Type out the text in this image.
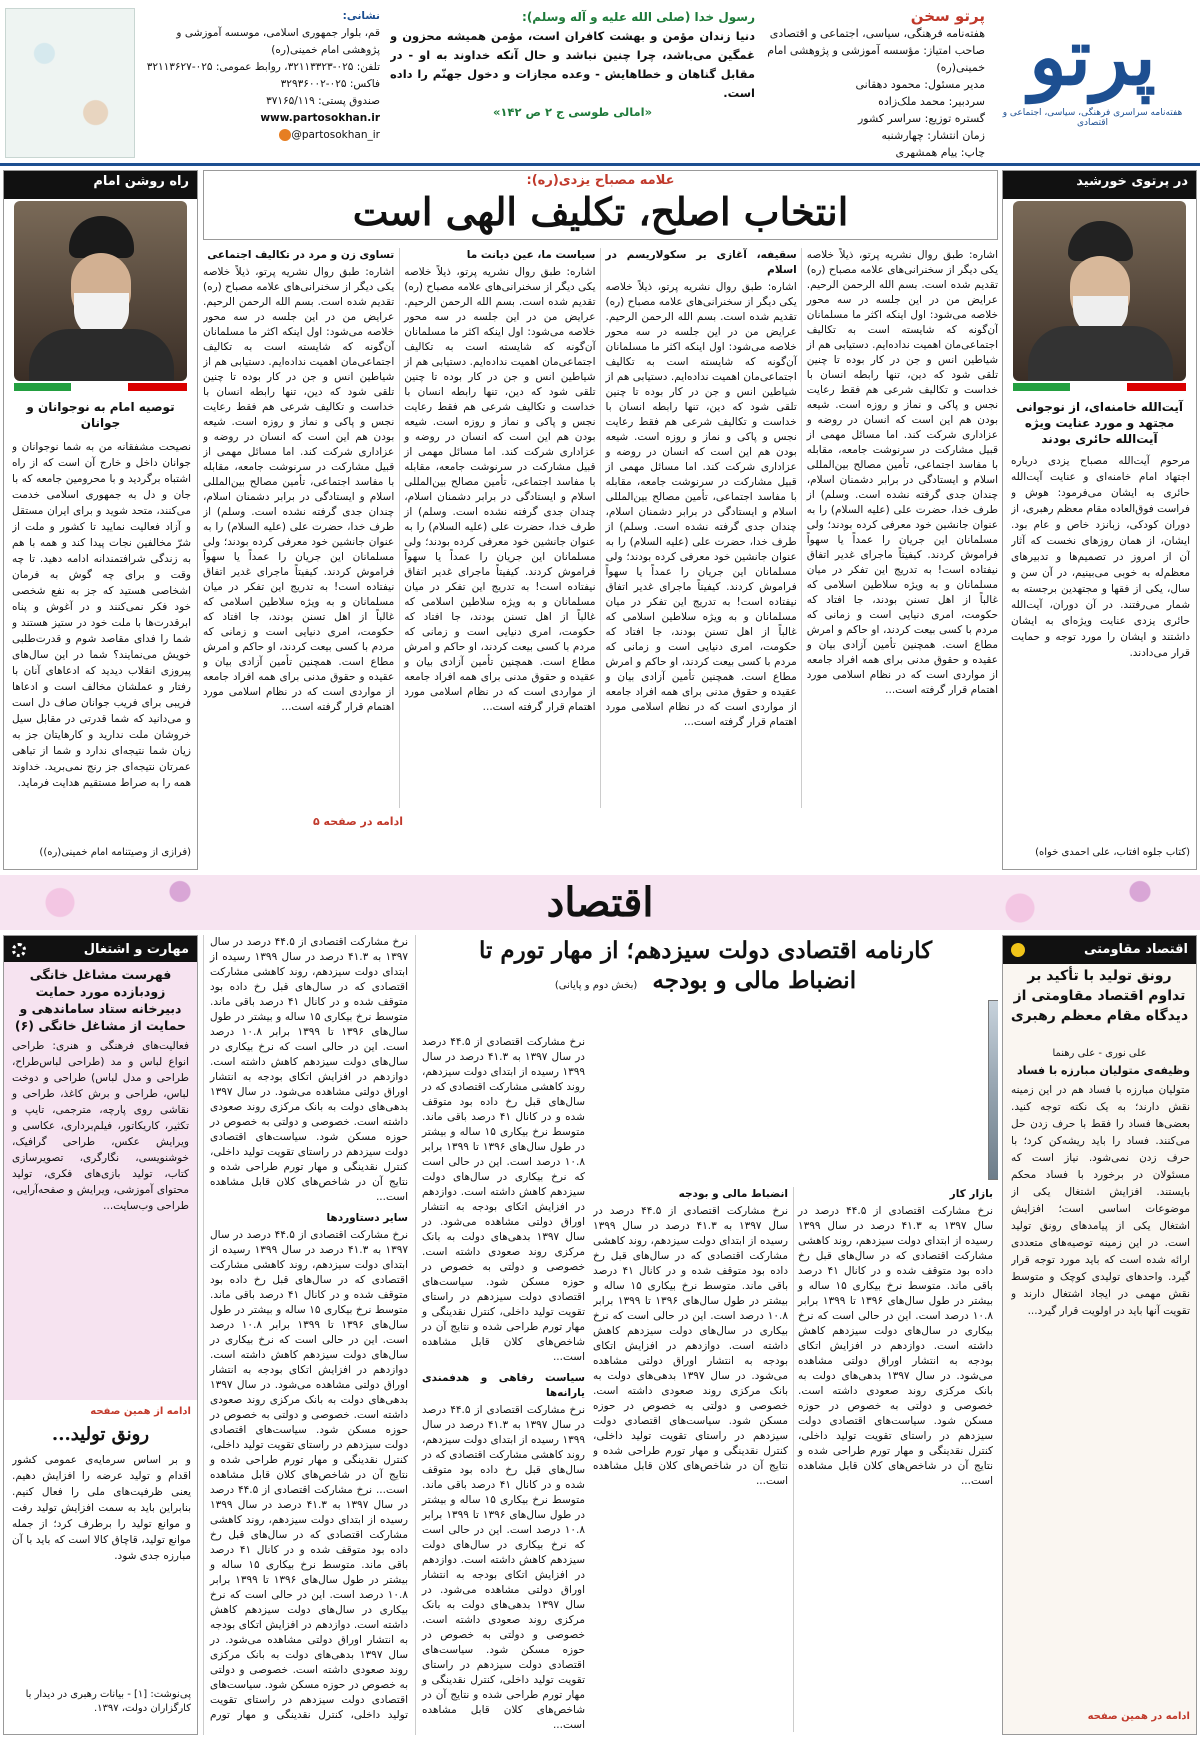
پرتو
هفته‌نامه سراسری فرهنگی، سیاسی، اجتماعی و اقتصادی
پرتو سخن
هفته‌نامه فرهنگی، سیاسی، اجتماعی و اقتصادی
صاحب امتیاز: مؤسسه آموزشی و پژوهشی امام خمینی(ره)
مدیر مسئول: محمود دهقانی
سردبیر: محمد ملک‌زاده
گستره توزیع: سراسر کشور
زمان انتشار: چهارشنبه
چاپ: پیام همشهری
رسول خدا (صلی الله علیه و آله وسلم):
دنیا زندان مؤمن و بهشت کافران است، مؤمن همیشه محزون و غمگین می‌باشد، چرا چنین نباشد و حال آنکه خداوند به او - در مقابل گناهان و خطاهایش - وعده مجازات و دخول جهنّم را داده است.
«امالی طوسی ج ۲ ص ۱۴۲»
نشانی:
قم، بلوار جمهوری اسلامی، موسسه آموزشی و پژوهشی امام خمینی(ره)
تلفن: ۰۲۵-۳۲۱۱۳۳۲۳، روابط عمومی: ۰۲۵-۳۲۱۱۳۶۲۷
فاکس: ۰۲۵-۳۲۹۳۶۰۰۲
صندوق پستی: ۳۷۱۶۵/۱۱۹
www.partosokhan.ir
@partosokhan_ir
در پرتوی خورشید
آیت‌الله خامنه‌ای، از نوجوانی مجتهد و مورد عنایت ویژه آیت‌الله حائری بودند
مرحوم آیت‌الله مصباح یزدی درباره اجتهاد امام خامنه‌ای و عنایت آیت‌الله حائری به ایشان می‌فرمود: هوش و فراست فوق‌العاده مقام معظم رهبری، از دوران کودکی، زبانزد خاص و عام بود. ایشان، از همان روزهای نخست که آثار آن از امروز در تصمیم‌ها و تدبیرهای معظم‌له به خوبی می‌بینیم، در آن سن و سال، یکی از فقها و مجتهدین برجسته به شمار می‌رفتند. در آن دوران، آیت‌الله حائری یزدی عنایت ویژه‌ای به ایشان داشتند و ایشان را مورد توجه و حمایت قرار می‌دادند.
(کتاب جلوه آفتاب، علی احمدی خواه)
راه روشن امام
توصیه امام به نوجوانان و جوانان
نصیحت مشفقانه من به شما نوجوانان و جوانان داخل و خارج آن است که از راه اشتباه برگردید و با محرومین جامعه که با جان و دل به جمهوری اسلامی خدمت می‌کنند، متحد شوید و برای ایران مستقل و آزاد فعالیت نمایید تا کشور و ملت از شرّ مخالفین نجات پیدا کند و همه با هم به زندگی شرافتمندانه ادامه دهید. تا چه وقت و برای چه گوش به فرمان اشخاصی هستید که جز به نفع شخصی خود فکر نمی‌کنند و در آغوش و پناه ابرقدرت‌ها با ملت خود در ستیز هستند و شما را فدای مقاصد شوم و قدرت‌طلبی خویش می‌نمایند؟ شما در این سال‌های پیروزی انقلاب دیدید که ادعاهای آنان با رفتار و عملشان مخالف است و ادعاها فریبی برای فریب جوانان صاف دل است و می‌دانید که شما قدرتی در مقابل سیل خروشان ملت ندارید و کارهایتان جز به زیان شما نتیجه‌ای ندارد و شما از تباهی عمرتان نتیجه‌ای جز رنج نمی‌برید. خداوند همه را به صراط مستقیم هدایت فرماید.
(فرازی از وصیتنامه امام خمینی(ره))
علامه مصباح یزدی(ره):
انتخاب اصلح، تکلیف الهی است
اشاره: طبق روال نشریه پرتو، ذیلاً خلاصه یکی دیگر از سخنرانی‌های علامه مصباح (ره) تقدیم شده است. بسم الله الرحمن الرحیم. عرایض من در این جلسه در سه محور خلاصه می‌شود: اول اینکه اکثر ما مسلمانان آن‌گونه که شایسته است به تکالیف اجتماعی‌مان اهمیت نداده‌ایم. دستیابی هم از شیاطین انس و جن در کار بوده تا چنین تلقی شود که دین، تنها رابطه انسان با خداست و تکالیف شرعی هم فقط رعایت نجس و پاکی و نماز و روزه است. شیعه بودن هم این است که انسان در روضه و عزاداری شرکت کند. اما مسائل مهمی از قبیل مشارکت در سرنوشت جامعه، مقابله با مفاسد اجتماعی، تأمین مصالح بین‌المللی اسلام و ایستادگی در برابر دشمنان اسلام، چندان جدی گرفته نشده است. وسلم) از طرف خدا، حضرت علی (علیه السلام) را به عنوان جانشین خود معرفی کرده بودند؛ ولی مسلمانان این جریان را عمداً یا سهواً فراموش کردند. کیفیتاً ماجرای غدیر اتفاق نیفتاده است! به تدریج این تفکر در میان مسلمانان و به ویژه سلاطین اسلامی که غالباً از اهل تسنن بودند، جا افتاد که حکومت، امری دنیایی است و زمانی که مردم با کسی بیعت کردند، او حاکم و امرش مطاع است. همچنین تأمین آزادی بیان و عقیده و حقوق مدنی برای همه افراد جامعه از مواردی است که در نظام اسلامی مورد اهتمام قرار گرفته است...
سقیفه، آغازی بر سکولاریسم در اسلام
اشاره: طبق روال نشریه پرتو، ذیلاً خلاصه یکی دیگر از سخنرانی‌های علامه مصباح (ره) تقدیم شده است. بسم الله الرحمن الرحیم. عرایض من در این جلسه در سه محور خلاصه می‌شود: اول اینکه اکثر ما مسلمانان آن‌گونه که شایسته است به تکالیف اجتماعی‌مان اهمیت نداده‌ایم. دستیابی هم از شیاطین انس و جن در کار بوده تا چنین تلقی شود که دین، تنها رابطه انسان با خداست و تکالیف شرعی هم فقط رعایت نجس و پاکی و نماز و روزه است. شیعه بودن هم این است که انسان در روضه و عزاداری شرکت کند. اما مسائل مهمی از قبیل مشارکت در سرنوشت جامعه، مقابله با مفاسد اجتماعی، تأمین مصالح بین‌المللی اسلام و ایستادگی در برابر دشمنان اسلام، چندان جدی گرفته نشده است. وسلم) از طرف خدا، حضرت علی (علیه السلام) را به عنوان جانشین خود معرفی کرده بودند؛ ولی مسلمانان این جریان را عمداً یا سهواً فراموش کردند. کیفیتاً ماجرای غدیر اتفاق نیفتاده است! به تدریج این تفکر در میان مسلمانان و به ویژه سلاطین اسلامی که غالباً از اهل تسنن بودند، جا افتاد که حکومت، امری دنیایی است و زمانی که مردم با کسی بیعت کردند، او حاکم و امرش مطاع است. همچنین تأمین آزادی بیان و عقیده و حقوق مدنی برای همه افراد جامعه از مواردی است که در نظام اسلامی مورد اهتمام قرار گرفته است...
سیاست ما، عین دیانت ما
اشاره: طبق روال نشریه پرتو، ذیلاً خلاصه یکی دیگر از سخنرانی‌های علامه مصباح (ره) تقدیم شده است. بسم الله الرحمن الرحیم. عرایض من در این جلسه در سه محور خلاصه می‌شود: اول اینکه اکثر ما مسلمانان آن‌گونه که شایسته است به تکالیف اجتماعی‌مان اهمیت نداده‌ایم. دستیابی هم از شیاطین انس و جن در کار بوده تا چنین تلقی شود که دین، تنها رابطه انسان با خداست و تکالیف شرعی هم فقط رعایت نجس و پاکی و نماز و روزه است. شیعه بودن هم این است که انسان در روضه و عزاداری شرکت کند. اما مسائل مهمی از قبیل مشارکت در سرنوشت جامعه، مقابله با مفاسد اجتماعی، تأمین مصالح بین‌المللی اسلام و ایستادگی در برابر دشمنان اسلام، چندان جدی گرفته نشده است. وسلم) از طرف خدا، حضرت علی (علیه السلام) را به عنوان جانشین خود معرفی کرده بودند؛ ولی مسلمانان این جریان را عمداً یا سهواً فراموش کردند. کیفیتاً ماجرای غدیر اتفاق نیفتاده است! به تدریج این تفکر در میان مسلمانان و به ویژه سلاطین اسلامی که غالباً از اهل تسنن بودند، جا افتاد که حکومت، امری دنیایی است و زمانی که مردم با کسی بیعت کردند، او حاکم و امرش مطاع است. همچنین تأمین آزادی بیان و عقیده و حقوق مدنی برای همه افراد جامعه از مواردی است که در نظام اسلامی مورد اهتمام قرار گرفته است...
تساوی زن و مرد در تکالیف اجتماعی
اشاره: طبق روال نشریه پرتو، ذیلاً خلاصه یکی دیگر از سخنرانی‌های علامه مصباح (ره) تقدیم شده است. بسم الله الرحمن الرحیم. عرایض من در این جلسه در سه محور خلاصه می‌شود: اول اینکه اکثر ما مسلمانان آن‌گونه که شایسته است به تکالیف اجتماعی‌مان اهمیت نداده‌ایم. دستیابی هم از شیاطین انس و جن در کار بوده تا چنین تلقی شود که دین، تنها رابطه انسان با خداست و تکالیف شرعی هم فقط رعایت نجس و پاکی و نماز و روزه است. شیعه بودن هم این است که انسان در روضه و عزاداری شرکت کند. اما مسائل مهمی از قبیل مشارکت در سرنوشت جامعه، مقابله با مفاسد اجتماعی، تأمین مصالح بین‌المللی اسلام و ایستادگی در برابر دشمنان اسلام، چندان جدی گرفته نشده است. وسلم) از طرف خدا، حضرت علی (علیه السلام) را به عنوان جانشین خود معرفی کرده بودند؛ ولی مسلمانان این جریان را عمداً یا سهواً فراموش کردند. کیفیتاً ماجرای غدیر اتفاق نیفتاده است! به تدریج این تفکر در میان مسلمانان و به ویژه سلاطین اسلامی که غالباً از اهل تسنن بودند، جا افتاد که حکومت، امری دنیایی است و زمانی که مردم با کسی بیعت کردند، او حاکم و امرش مطاع است. همچنین تأمین آزادی بیان و عقیده و حقوق مدنی برای همه افراد جامعه از مواردی است که در نظام اسلامی مورد اهتمام قرار گرفته است...
ادامه در صفحه ۵
اقتصاد
اقتصاد مقاومتی
رونق تولید با تأکید بر تداوم اقتصاد مقاومتی از دیدگاه مقام معظم رهبری
علی نوری - علی رهنما
وظیفه‌ی متولیان مبارزه با فساد
متولیان مبارزه با فساد هم در این زمینه نقش دارند؛ به یک نکته توجه کنید. بعضی‌ها فساد را فقط با حرف زدن حل می‌کنند. فساد را باید ریشه‌کن کرد؛ با حرف زدن نمی‌شود. نیاز است که مسئولان در برخورد با فساد محکم بایستند. افزایش اشتغال یکی از موضوعات اساسی است؛ افزایش اشتغال یکی از پیامدهای رونق تولید است. در این زمینه توصیه‌های متعددی ارائه شده است که باید مورد توجه قرار گیرد. واحدهای تولیدی کوچک و متوسط نقش مهمی در ایجاد اشتغال دارند و تقویت آنها باید در اولویت قرار گیرد...
ادامه در همین صفحه
کارنامه اقتصادی دولت سیزدهم؛ از مهار تورم تا
انضباط مالی و بودجه (بخش دوم و پایانی)
نرخ مشارکت اقتصادی از ۴۴.۵ درصد در سال ۱۳۹۷ به ۴۱.۳ درصد در سال ۱۳۹۹ رسیده از ابتدای دولت سیزدهم، روند کاهشی مشارکت اقتصادی که در سال‌های قبل رخ داده بود متوقف شده و در کانال ۴۱ درصد باقی ماند. متوسط نرخ بیکاری ۱۵ ساله و بیشتر در طول سال‌های ۱۳۹۶ تا ۱۳۹۹ برابر ۱۰.۸ درصد است. این در حالی است که نرخ بیکاری در سال‌های دولت سیزدهم کاهش داشته است. دوازدهم در افزایش اتکای بودجه به انتشار اوراق دولتی مشاهده می‌شود. در سال ۱۳۹۷ بدهی‌های دولت به بانک مرکزی روند صعودی داشته است. خصوصی و دولتی به خصوص در حوزه مسکن شود. سیاست‌های اقتصادی دولت سیزدهم در راستای تقویت تولید داخلی، کنترل نقدینگی و مهار تورم طراحی شده و نتایج آن در شاخص‌های کلان قابل مشاهده است...
سایر دستاوردها
نرخ مشارکت اقتصادی از ۴۴.۵ درصد در سال ۱۳۹۷ به ۴۱.۳ درصد در سال ۱۳۹۹ رسیده از ابتدای دولت سیزدهم، روند کاهشی مشارکت اقتصادی که در سال‌های قبل رخ داده بود متوقف شده و در کانال ۴۱ درصد باقی ماند. متوسط نرخ بیکاری ۱۵ ساله و بیشتر در طول سال‌های ۱۳۹۶ تا ۱۳۹۹ برابر ۱۰.۸ درصد است. این در حالی است که نرخ بیکاری در سال‌های دولت سیزدهم کاهش داشته است. دوازدهم در افزایش اتکای بودجه به انتشار اوراق دولتی مشاهده می‌شود. در سال ۱۳۹۷ بدهی‌های دولت به بانک مرکزی روند صعودی داشته است. خصوصی و دولتی به خصوص در حوزه مسکن شود. سیاست‌های اقتصادی دولت سیزدهم در راستای تقویت تولید داخلی، کنترل نقدینگی و مهار تورم طراحی شده و نتایج آن در شاخص‌های کلان قابل مشاهده است... نرخ مشارکت اقتصادی از ۴۴.۵ درصد در سال ۱۳۹۷ به ۴۱.۳ درصد در سال ۱۳۹۹ رسیده از ابتدای دولت سیزدهم، روند کاهشی مشارکت اقتصادی که در سال‌های قبل رخ داده بود متوقف شده و در کانال ۴۱ درصد باقی ماند. متوسط نرخ بیکاری ۱۵ ساله و بیشتر در طول سال‌های ۱۳۹۶ تا ۱۳۹۹ برابر ۱۰.۸ درصد است. این در حالی است که نرخ بیکاری در سال‌های دولت سیزدهم کاهش داشته است. دوازدهم در افزایش اتکای بودجه به انتشار اوراق دولتی مشاهده می‌شود. در سال ۱۳۹۷ بدهی‌های دولت به بانک مرکزی روند صعودی داشته است. خصوصی و دولتی به خصوص در حوزه مسکن شود. سیاست‌های اقتصادی دولت سیزدهم در راستای تقویت تولید داخلی، کنترل نقدینگی و مهار تورم
نرخ مشارکت اقتصادی از ۴۴.۵ درصد در سال ۱۳۹۷ به ۴۱.۳ درصد در سال ۱۳۹۹ رسیده از ابتدای دولت سیزدهم، روند کاهشی مشارکت اقتصادی که در سال‌های قبل رخ داده بود متوقف شده و در کانال ۴۱ درصد باقی ماند. متوسط نرخ بیکاری ۱۵ ساله و بیشتر در طول سال‌های ۱۳۹۶ تا ۱۳۹۹ برابر ۱۰.۸ درصد است. این در حالی است که نرخ بیکاری در سال‌های دولت سیزدهم کاهش داشته است. دوازدهم در افزایش اتکای بودجه به انتشار اوراق دولتی مشاهده می‌شود. در سال ۱۳۹۷ بدهی‌های دولت به بانک مرکزی روند صعودی داشته است. خصوصی و دولتی به خصوص در حوزه مسکن شود. سیاست‌های اقتصادی دولت سیزدهم در راستای تقویت تولید داخلی، کنترل نقدینگی و مهار تورم طراحی شده و نتایج آن در شاخص‌های کلان قابل مشاهده است...
سیاست رفاهی و هدفمندی یارانه‌ها
نرخ مشارکت اقتصادی از ۴۴.۵ درصد در سال ۱۳۹۷ به ۴۱.۳ درصد در سال ۱۳۹۹ رسیده از ابتدای دولت سیزدهم، روند کاهشی مشارکت اقتصادی که در سال‌های قبل رخ داده بود متوقف شده و در کانال ۴۱ درصد باقی ماند. متوسط نرخ بیکاری ۱۵ ساله و بیشتر در طول سال‌های ۱۳۹۶ تا ۱۳۹۹ برابر ۱۰.۸ درصد است. این در حالی است که نرخ بیکاری در سال‌های دولت سیزدهم کاهش داشته است. دوازدهم در افزایش اتکای بودجه به انتشار اوراق دولتی مشاهده می‌شود. در سال ۱۳۹۷ بدهی‌های دولت به بانک مرکزی روند صعودی داشته است. خصوصی و دولتی به خصوص در حوزه مسکن شود. سیاست‌های اقتصادی دولت سیزدهم در راستای تقویت تولید داخلی، کنترل نقدینگی و مهار تورم طراحی شده و نتایج آن در شاخص‌های کلان قابل مشاهده است...
بازار کار
نرخ مشارکت اقتصادی از ۴۴.۵ درصد در سال ۱۳۹۷ به ۴۱.۳ درصد در سال ۱۳۹۹ رسیده از ابتدای دولت سیزدهم، روند کاهشی مشارکت اقتصادی که در سال‌های قبل رخ داده بود متوقف شده و در کانال ۴۱ درصد باقی ماند. متوسط نرخ بیکاری ۱۵ ساله و بیشتر در طول سال‌های ۱۳۹۶ تا ۱۳۹۹ برابر ۱۰.۸ درصد است. این در حالی است که نرخ بیکاری در سال‌های دولت سیزدهم کاهش داشته است. دوازدهم در افزایش اتکای بودجه به انتشار اوراق دولتی مشاهده می‌شود. در سال ۱۳۹۷ بدهی‌های دولت به بانک مرکزی روند صعودی داشته است. خصوصی و دولتی به خصوص در حوزه مسکن شود. سیاست‌های اقتصادی دولت سیزدهم در راستای تقویت تولید داخلی، کنترل نقدینگی و مهار تورم طراحی شده و نتایج آن در شاخص‌های کلان قابل مشاهده است...
انضباط مالی و بودجه
نرخ مشارکت اقتصادی از ۴۴.۵ درصد در سال ۱۳۹۷ به ۴۱.۳ درصد در سال ۱۳۹۹ رسیده از ابتدای دولت سیزدهم، روند کاهشی مشارکت اقتصادی که در سال‌های قبل رخ داده بود متوقف شده و در کانال ۴۱ درصد باقی ماند. متوسط نرخ بیکاری ۱۵ ساله و بیشتر در طول سال‌های ۱۳۹۶ تا ۱۳۹۹ برابر ۱۰.۸ درصد است. این در حالی است که نرخ بیکاری در سال‌های دولت سیزدهم کاهش داشته است. دوازدهم در افزایش اتکای بودجه به انتشار اوراق دولتی مشاهده می‌شود. در سال ۱۳۹۷ بدهی‌های دولت به بانک مرکزی روند صعودی داشته است. خصوصی و دولتی به خصوص در حوزه مسکن شود. سیاست‌های اقتصادی دولت سیزدهم در راستای تقویت تولید داخلی، کنترل نقدینگی و مهار تورم طراحی شده و نتایج آن در شاخص‌های کلان قابل مشاهده است...
مهارت و اشتغال
فهرست مشاغل خانگی زودبازده مورد حمایت دبیرخانه ستاد ساماندهی و حمایت از مشاغل خانگی (۶)
فعالیت‌های فرهنگی و هنری: طراحی انواع لباس و مد (طراحی لباس‌طراح، طراحی و مدل لباس) طراحی و دوخت لباس، طراحی و برش کاغذ، طراحی و نقاشی روی پارچه، مترجمی، تایپ و تکثیر، کاریکاتور، فیلم‌برداری، عکاسی و ویرایش عکس، طراحی گرافیک، خوشنویسی، نگارگری، تصویرسازی کتاب، تولید بازی‌های فکری، تولید محتوای آموزشی، ویرایش و صفحه‌آرایی، طراحی وب‌سایت...
ادامه از همین صفحه
رونق تولید...
و بر اساس سرمایه‌ی عمومی کشور اقدام و تولید عرضه را افزایش دهیم. یعنی ظرفیت‌های ملی را فعال کنیم. بنابراین باید به سمت افزایش تولید رفت و موانع تولید را برطرف کرد؛ از جمله موانع تولید، قاچاق کالا است که باید با آن مبارزه جدی شود.
پی‌نوشت: [۱] - بیانات رهبری در دیدار با کارگزاران دولت، ۱۳۹۷.
